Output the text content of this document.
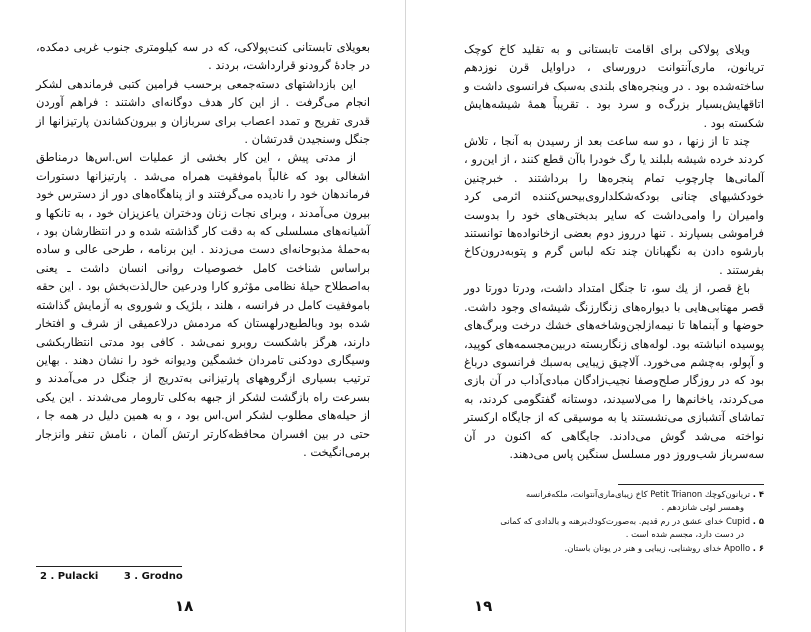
بعویلای تابستانی کنت‌پولاکی، که در سه کیلومتری جنوب غربی دمکده، در جادهٔ گرودنو قرارداشت، بردند .

این بازداشتهای دستەجمعی برحسب فرامین کتبی فرماندهی لشکر انجام می‌گرفت . از این کار هدف دوگانه‌ای داشتند : فراهم آوردن قدری تفریح و تمدد اعصاب برای سربازان و بیرون‌کشاندن پارتیزانها از جنگل وسنجیدن قدرتشان .

از مدتی پیش ، این کار بخشی از عملیات اس.اس‌ها درمناطق اشغالی بود که غالباً باموفقیت همراه می‌شد . پارتیزانها دستورات فرماندهان خود را نادیده می‌گرفتند و از پناهگاه‌های دور از دسترس خود بیرون می‌آمدند ، وبرای نجات زنان ودختران یاعزیزان خود ، به تانکها و آشیانه‌های مسلسلی که به دقت کار گذاشته شده و در انتظارشان بود ، به‌حملهٔ مذبوحانه‌ای دست می‌زدند . این برنامه ، طرحی عالی و ساده براساس شناخت کامل خصوصیات روانی انسان داشت ـ یعنی به‌اصطلاح حیلهٔ نظامی مؤثرو کارا ودرعین حال‌لذت‌بخش بود . این حقه باموفقیت کامل در فرانسه ، هلند ، بلژیک و شوروی به آزمایش گذاشته شده بود وبالطبع‌درلهستان که مردمش درلاعمیقی از شرف و افتخار دارند، هرگز باشکست روبرو نمی‌شد . کافی بود مدتی انتظاربکشی وسیگاری دودکنی تامردان خشمگین ودیوانه خود را نشان دهند . بهاین ترتیب بسیاری ازگروههای پارتیزانی به‌تدریج از جنگل در می‌آمدند و بسرعت راه بازگشت لشکر از جبهه به‌کلی تارومار می‌شدند . این یکی از حیله‌های مطلوب لشکر اس.اس بود ، و به همین دلیل در همه جا ، حتی در بین افسران محافظه‌کارتر ارتش آلمان ، نامش تنفر وانزجار برمی‌انگیخت .

2 . Pulacki	3 . Grodno
۱۸

ویلای پولاکی برای اقامت تابستانی و به تقلید کاخ کوچک تریانون، ماری‌آنتوانت درورسای ، دراوایل قرن نوزدهم ساخته‌شده بود . در وینجره‌های بلندی بەسبک فرانسوی داشت و اتاقهایش‌بسیار بزرگ‌ه و سرد بود . تقریباً همهٔ شیشه‌هایش شکسته بود .

چند تا از زنها ، دو سه ساعت بعد از رسیدن به آنجا ، تلاش کردند خرده شیشه بلبلند یا رگ خودرا باآن قطع کنند ، از این‌رو ، آلمانی‌ها چارچوب تمام پنجره‌ها را برداشتند . خبرچنین خودکشیهای چنانی بودکه‌شکلداروی‌بیحس‌کننده اثرمی کرد وامیران را وامی‌داشت که سایر بدبختی‌های خود را بدوست فراموشی بسپارند . تنها درروز دوم بعضی ازخانواده‌ها توانستند بارشوه دادن به نگهبانان چند تکه لباس گرم و پتوبه‌درون‌کاخ بفرستند .

باغ قصر، از یك سو، تا جنگل امتداد داشت، ودرتا دورتا دور قصر مهتابی‌هایی با دیوارەهای زنگارزنگ شیشه‌ای وجود داشت. حوضها و آبنماها تا نیمه‌ازلجن‌وشاخه‌های خشك درخت وبرگ‌های پوسیده انباشته بود. لوله‌های زنگاربسته دربین‌مجسمه‌های کوپید، و آپولو، بەچشم می‌خورد. آلاچیق زیبایی بەسبك فرانسوی درباغ بود که در روزگار صلح‌وصفا نجیب‌زادگان مبادی‌آداب در آن بازی می‌کردند، یاخانم‌ها را می‌لاسیدند، دوستانه گفتگومی کردند، به تماشای آتشبازی می‌نشستند یا به موسیقی که از جایگاه ارکستر نواخته می‌شد گوش می‌دادند. جایگاهی که اکنون در آن سه‌سرباز شب‌وروز دور مسلسل سنگین پاس می‌دهند.

۴ . تریانون‌کوچك Petit Trianon کاخ زیبای‌ماری‌آنتوانت، ملکه‌فرانسه

وهمسر لوئی شانزدهم .

۵ . Cupid خدای عشق در رم قدیم. بەصورت‌کودك‌برهنه و بالدادی که کمانی

در دست دارد، مجسم شده است .

۶ . Apollo خدای روشنایی، زیبایی و هنر در یونان باستان.

۱۹
